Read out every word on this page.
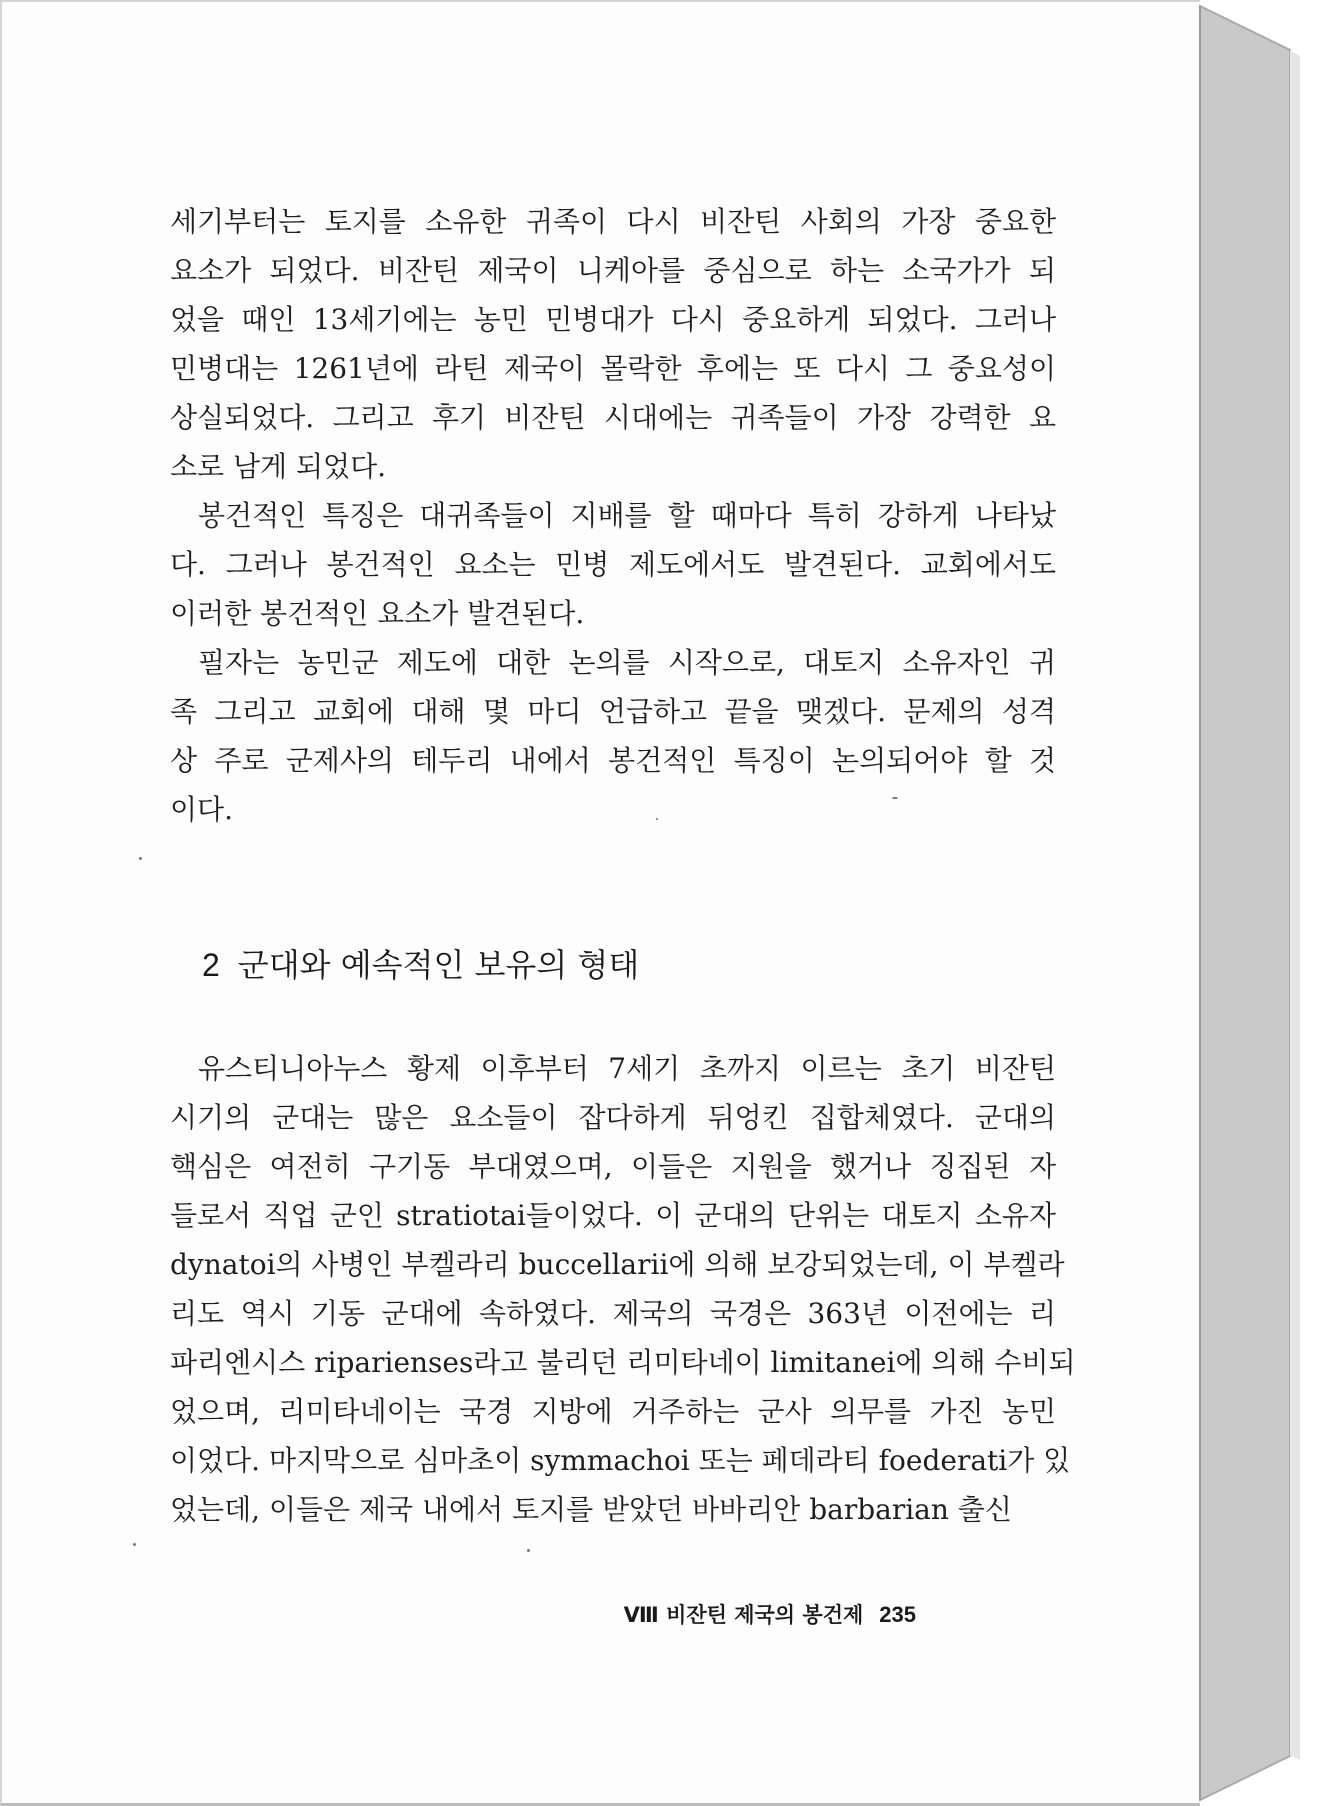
세기부터는 토지를 소유한 귀족이 다시 비잔틴 사회의 가장 중요한
요소가 되었다. 비잔틴 제국이 니케아를 중심으로 하는 소국가가 되
었을 때인 13세기에는 농민 민병대가 다시 중요하게 되었다. 그러나
민병대는 1261년에 라틴 제국이 몰락한 후에는 또 다시 그 중요성이
상실되었다. 그리고 후기 비잔틴 시대에는 귀족들이 가장 강력한 요
소로 남게 되었다.
봉건적인 특징은 대귀족들이 지배를 할 때마다 특히 강하게 나타났
다. 그러나 봉건적인 요소는 민병 제도에서도 발견된다. 교회에서도
이러한 봉건적인 요소가 발견된다.
필자는 농민군 제도에 대한 논의를 시작으로, 대토지 소유자인 귀
족 그리고 교회에 대해 몇 마디 언급하고 끝을 맺겠다. 문제의 성격
상 주로 군제사의 테두리 내에서 봉건적인 특징이 논의되어야 할 것
이다.
2 군대와 예속적인 보유의 형태
유스티니아누스 황제 이후부터 7세기 초까지 이르는 초기 비잔틴
시기의 군대는 많은 요소들이 잡다하게 뒤엉킨 집합체였다. 군대의
핵심은 여전히 구기동 부대였으며, 이들은 지원을 했거나 징집된 자
들로서 직업 군인 stratiotai들이었다. 이 군대의 단위는 대토지 소유자
dynatoi의 사병인 부켈라리 buccellarii에 의해 보강되었는데, 이 부켈라
리도 역시 기동 군대에 속하였다. 제국의 국경은 363년 이전에는 리
파리엔시스 riparienses라고 불리던 리미타네이 limitanei에 의해 수비되
었으며, 리미타네이는 국경 지방에 거주하는 군사 의무를 가진 농민
이었다. 마지막으로 심마초이 symmachoi 또는 페데라티 foederati가 있
었는데, 이들은 제국 내에서 토지를 받았던 바바리안 barbarian 출신
Ⅷ 비잔틴 제국의 봉건제 235
